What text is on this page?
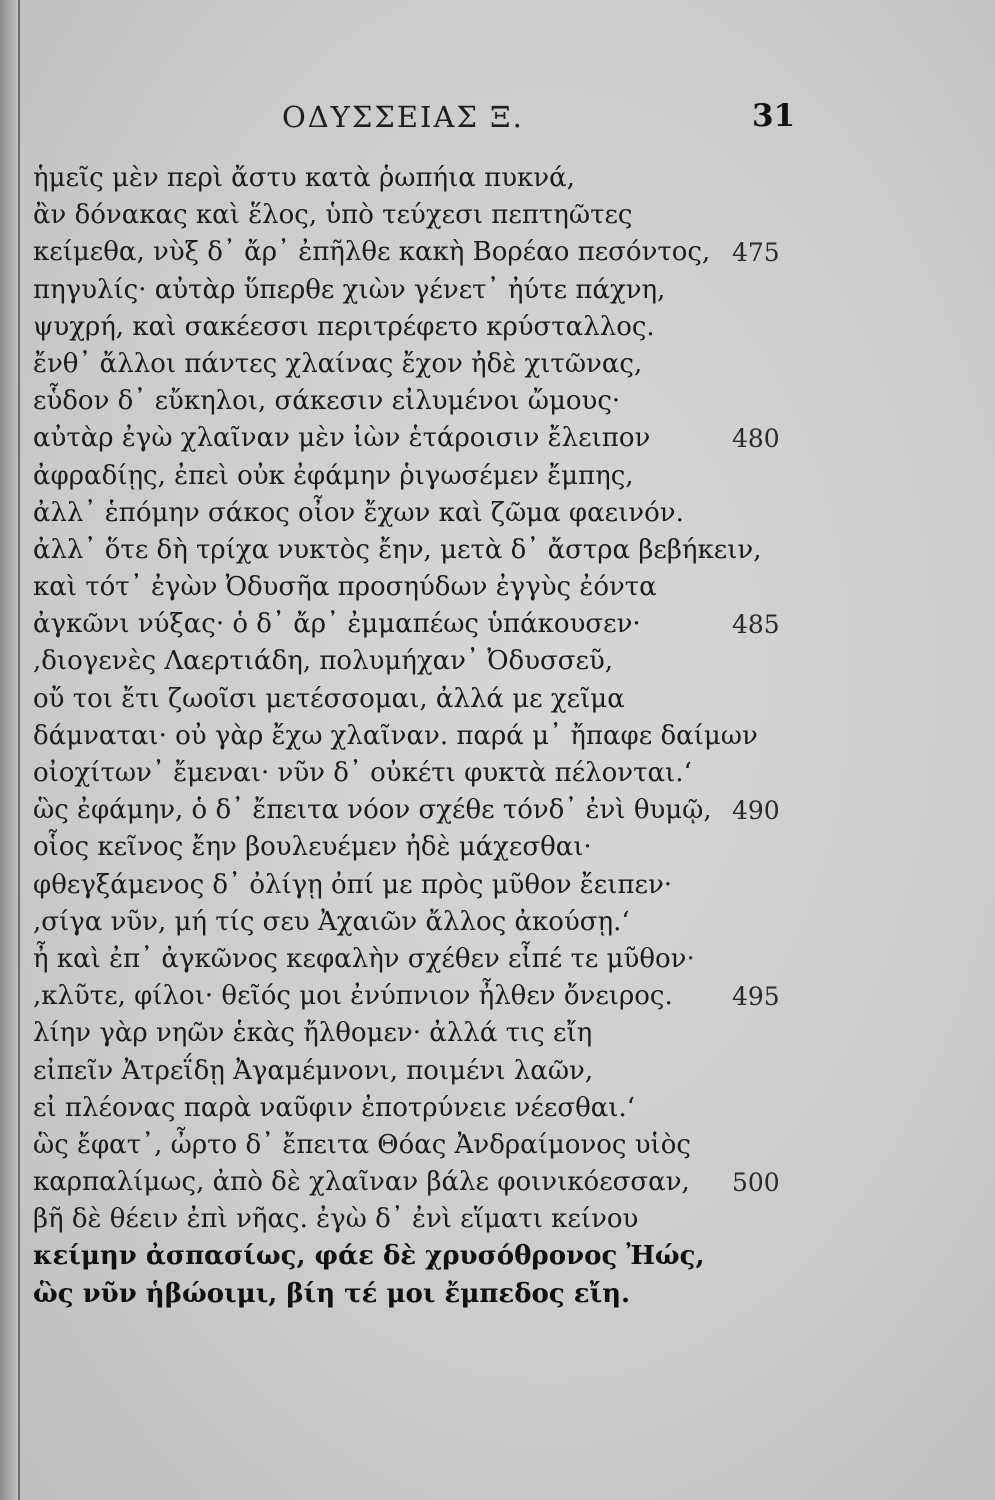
ΟΔΥΣΣΕΙΑΣ Ξ.	31
ἡμεῖς μὲν περὶ ἄστυ κατὰ ῥωπήια πυκνά,
ἂν δόνακας καὶ ἕλος, ὑπὸ τεύχεσι πεπτηῶτες
κείμεθα, νὺξ δ᾽ ἄρ᾽ ἐπῆλθε κακὴ Βορέαο πεσόντος, 475
πηγυλίς· αὐτὰρ ὕπερθε χιὼν γένετ᾽ ἠύτε πάχνη,
ψυχρή, καὶ σακέεσσι περιτρέφετο κρύσταλλος.
ἔνθ᾽ ἄλλοι πάντες χλαίνας ἔχον ἠδὲ χιτῶνας,
εὗδον δ᾽ εὔκηλοι, σάκεσιν εἰλυμένοι ὤμους·
αὐτὰρ ἐγὼ χλαῖναν μὲν ἰὼν ἑτάροισιν ἔλειπον	480
ἀφραδίῃς, ἐπεὶ οὐκ ἐφάμην ῥιγωσέμεν ἔμπης,
ἀλλ᾽ ἑπόμην σάκος οἶον ἔχων καὶ ζῶμα φαεινόν.
ἀλλ᾽ ὅτε δὴ τρίχα νυκτὸς ἔην, μετὰ δ᾽ ἄστρα βεβήκειν,
καὶ τότ᾽ ἐγὼν Ὀδυσῆα προσηύδων ἐγγὺς ἐόντα
ἀγκῶνι νύξας· ὁ δ᾽ ἄρ᾽ ἐμμαπέως ὑπάκουσεν·	485
,διογενὲς Λαερτιάδη, πολυμήχαν᾽ Ὀδυσσεῦ,
οὔ τοι ἔτι ζωοῖσι μετέσσομαι, ἀλλά με χεῖμα
δάμναται· οὐ γὰρ ἔχω χλαῖναν. παρά μ᾽ ἤπαφε δαίμων
οἰοχίτων᾽ ἔμεναι· νῦν δ᾽ οὐκέτι φυκτὰ πέλονται.‘
ὣς ἐφάμην, ὁ δ᾽ ἔπειτα νόον σχέθε τόνδ᾽ ἐνὶ θυμῷ, 490
οἷος κεῖνος ἔην βουλευέμεν ἠδὲ μάχεσθαι·
φθεγξάμενος δ᾽ ὀλίγῃ ὀπί με πρὸς μῦθον ἔειπεν·
,σίγα νῦν, μή τίς σευ Ἀχαιῶν ἄλλος ἀκούσῃ.‘
ἦ καὶ ἐπ᾽ ἀγκῶνος κεφαλὴν σχέθεν εἶπέ τε μῦθον·
,κλῦτε, φίλοι· θεῖός μοι ἐνύπνιον ἦλθεν ὄνειρος. 495
λίην γὰρ νηῶν ἑκὰς ἤλθομεν· ἀλλά τις εἴη
εἰπεῖν Ἀτρεΐδῃ Ἀγαμέμνονι, ποιμένι λαῶν,
εἰ πλέονας παρὰ ναῦφιν ἐποτρύνειε νέεσθαι.‘
ὣς ἔφατ᾽, ὦρτο δ᾽ ἔπειτα Θόας Ἀνδραίμονος υἱὸς
καρπαλίμως, ἀπὸ δὲ χλαῖναν βάλε φοινικόεσσαν, 500
βῆ δὲ θέειν ἐπὶ νῆας. ἐγὼ δ᾽ ἐνὶ εἵματι κείνου
κείμην ἀσπασίως, φάε δὲ χρυσόθρονος Ἠώς,
ὣς νῦν ἡβώοιμι, βίη τέ μοι ἔμπεδος εἴη.
